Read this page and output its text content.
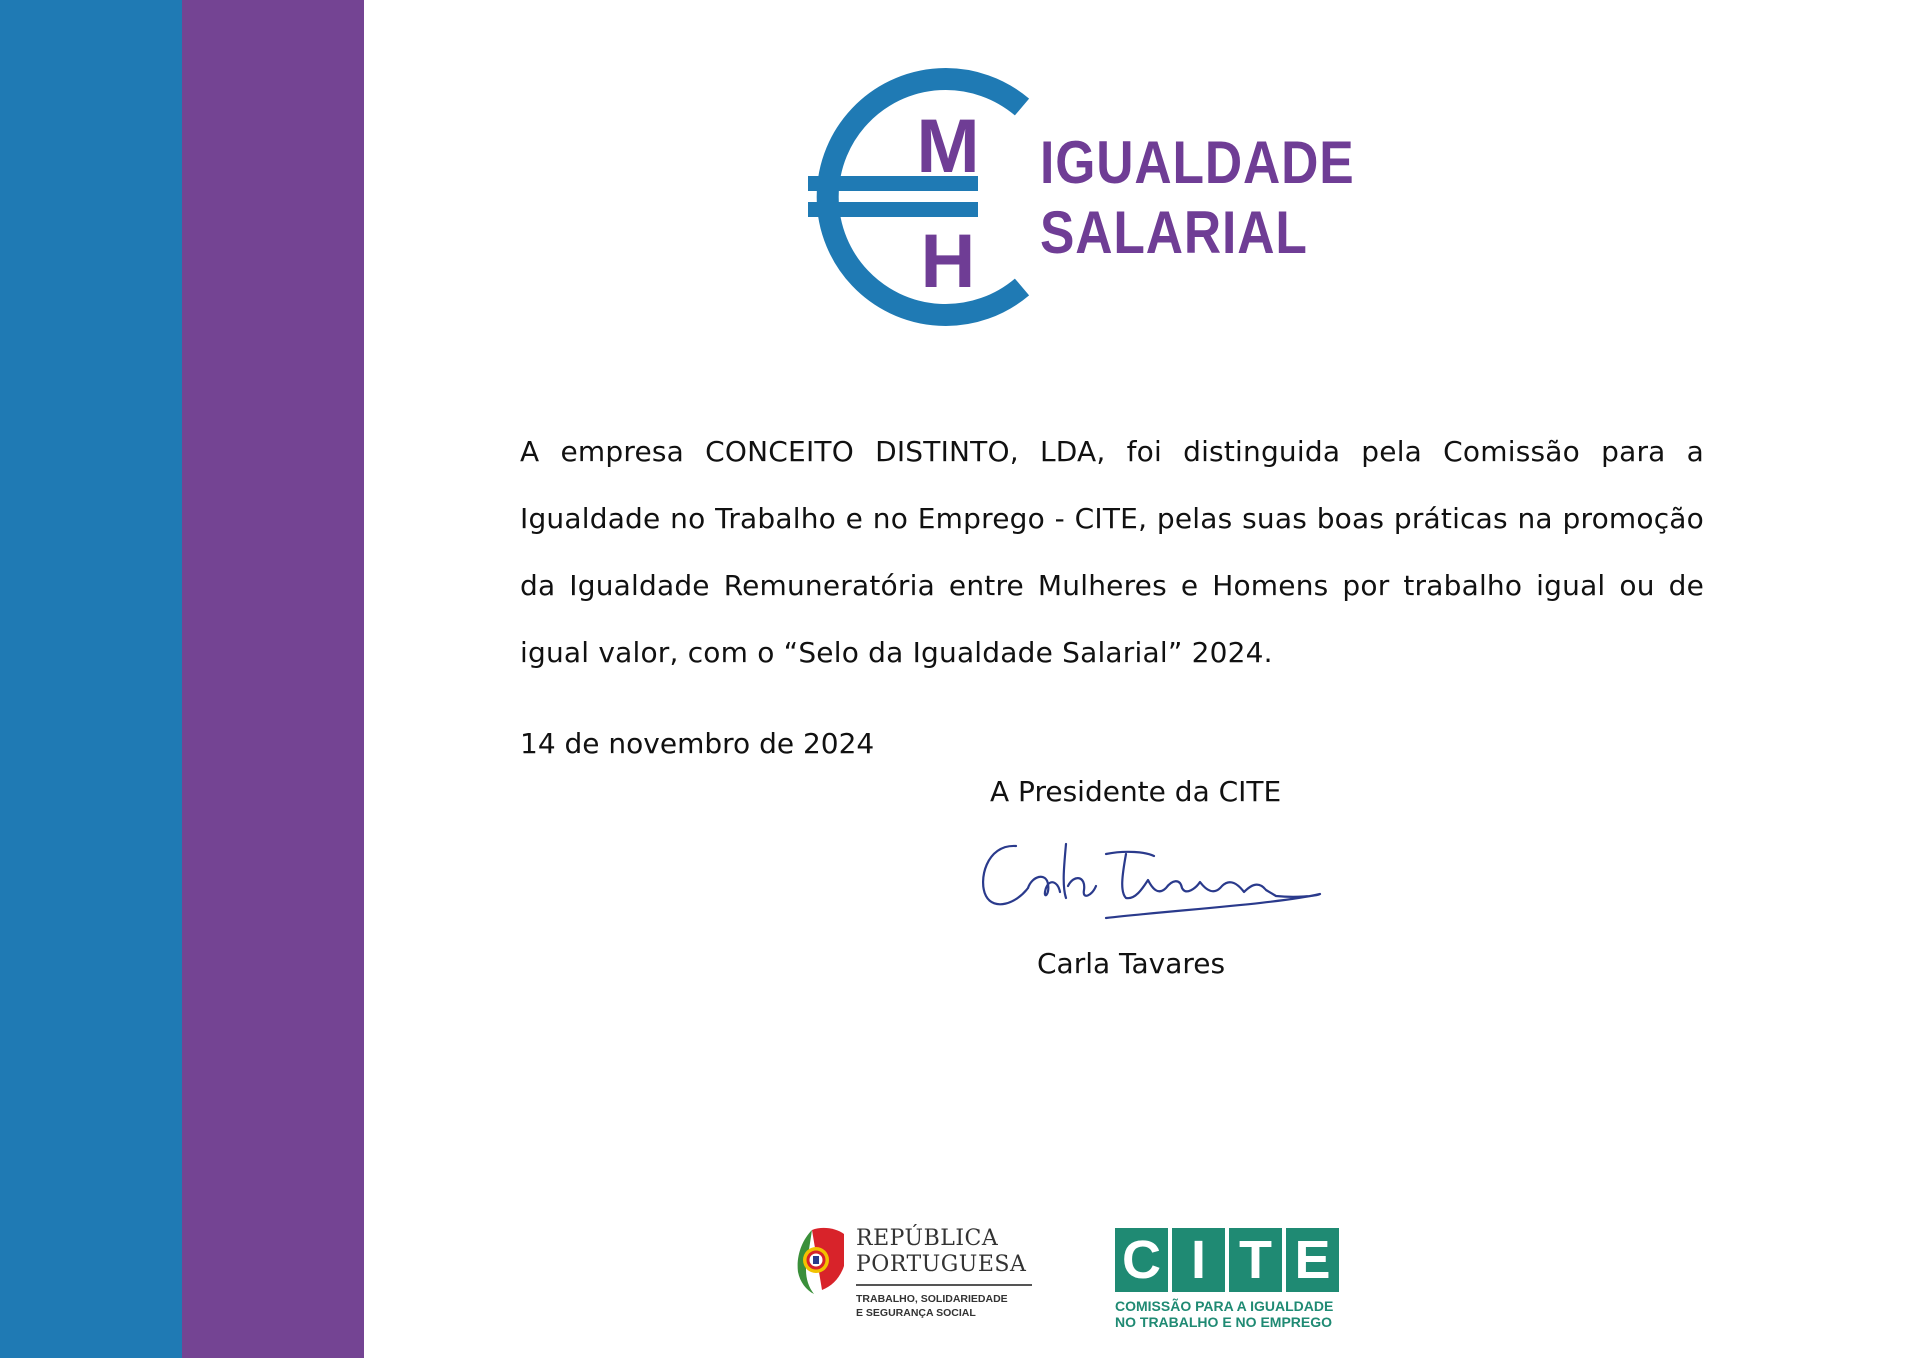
M
H
IGUALDADE
SALARIAL

A empresa CONCEITO DISTINTO, LDA, foi distinguida pela Comissão para a Igualdade no Trabalho e no Emprego - CITE, pelas suas boas práticas na promoção da Igualdade Remuneratória entre Mulheres e Homens por trabalho igual ou de igual valor, com o “Selo da Igualdade Salarial” 2024.

14 de novembro de 2024
A Presidente da CITE
Carla Tavares
Carla Tavares
REPÚBLICA
PORTUGUESA
TRABALHO, SOLIDARIEDADE
E SEGURANÇA SOCIAL
C I T E
COMISSÃO PARA A IGUALDADE
NO TRABALHO E NO EMPREGO
